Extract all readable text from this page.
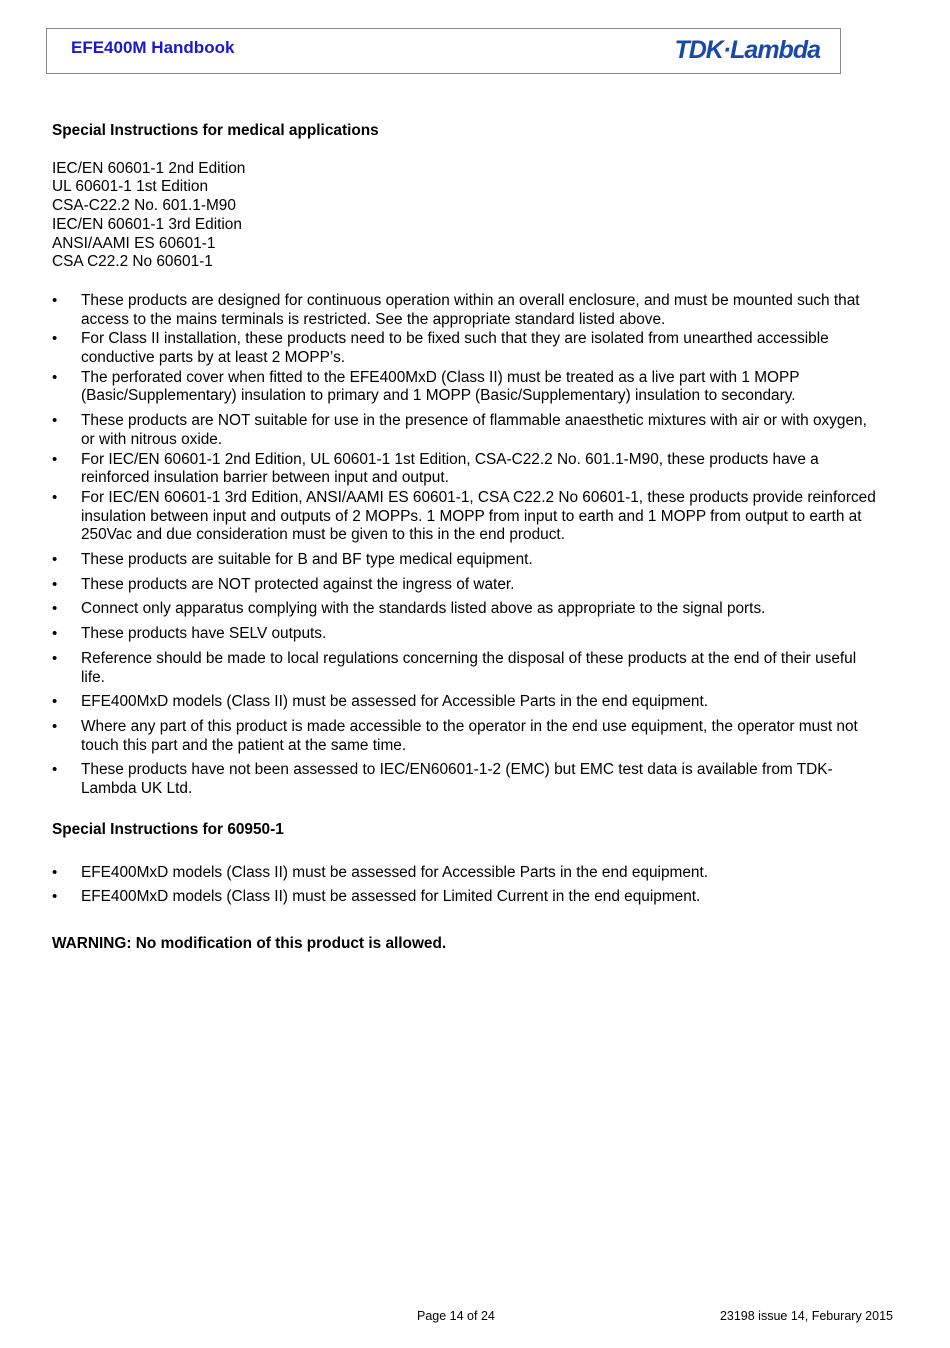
EFE400M Handbook	TDK·Lambda

Special Instructions for medical applications

IEC/EN 60601-1 2nd Edition
UL 60601-1 1st Edition
CSA-C22.2 No. 601.1-M90
IEC/EN 60601-1 3rd Edition
ANSI/AAMI ES 60601-1
CSA C22.2 No 60601-1
• These products are designed for continuous operation within an overall enclosure, and must be mounted such that access to the mains terminals is restricted. See the appropriate standard listed above.
• For Class II installation, these products need to be fixed such that they are isolated from unearthed accessible conductive parts by at least 2 MOPP’s.
• The perforated cover when fitted to the EFE400MxD (Class II) must be treated as a live part with 1 MOPP (Basic/Supplementary) insulation to primary and 1 MOPP (Basic/Supplementary) insulation to secondary.
• These products are NOT suitable for use in the presence of flammable anaesthetic mixtures with air or with oxygen, or with nitrous oxide.
• For IEC/EN 60601-1 2nd Edition, UL 60601-1 1st Edition, CSA-C22.2 No. 601.1-M90, these products have a reinforced insulation barrier between input and output.
• For IEC/EN 60601-1 3rd Edition, ANSI/AAMI ES 60601-1, CSA C22.2 No 60601-1, these products provide reinforced insulation between input and outputs of 2 MOPPs. 1 MOPP from input to earth and 1 MOPP from output to earth at 250Vac and due consideration must be given to this in the end product.
• These products are suitable for B and BF type medical equipment.
• These products are NOT protected against the ingress of water.
• Connect only apparatus complying with the standards listed above as appropriate to the signal ports.
• These products have SELV outputs.
• Reference should be made to local regulations concerning the disposal of these products at the end of their useful life.
• EFE400MxD models (Class II) must be assessed for Accessible Parts in the end equipment.
• Where any part of this product is made accessible to the operator in the end use equipment, the operator must not touch this part and the patient at the same time.
• These products have not been assessed to IEC/EN60601-1-2 (EMC) but EMC test data is available from TDK-Lambda UK Ltd.

Special Instructions for 60950-1

• EFE400MxD models (Class II) must be assessed for Accessible Parts in the end equipment.
• EFE400MxD models (Class II) must be assessed for Limited Current in the end equipment.

WARNING: No modification of this product is allowed.

Page 14 of 24	23198 issue 14, Feburary 2015
